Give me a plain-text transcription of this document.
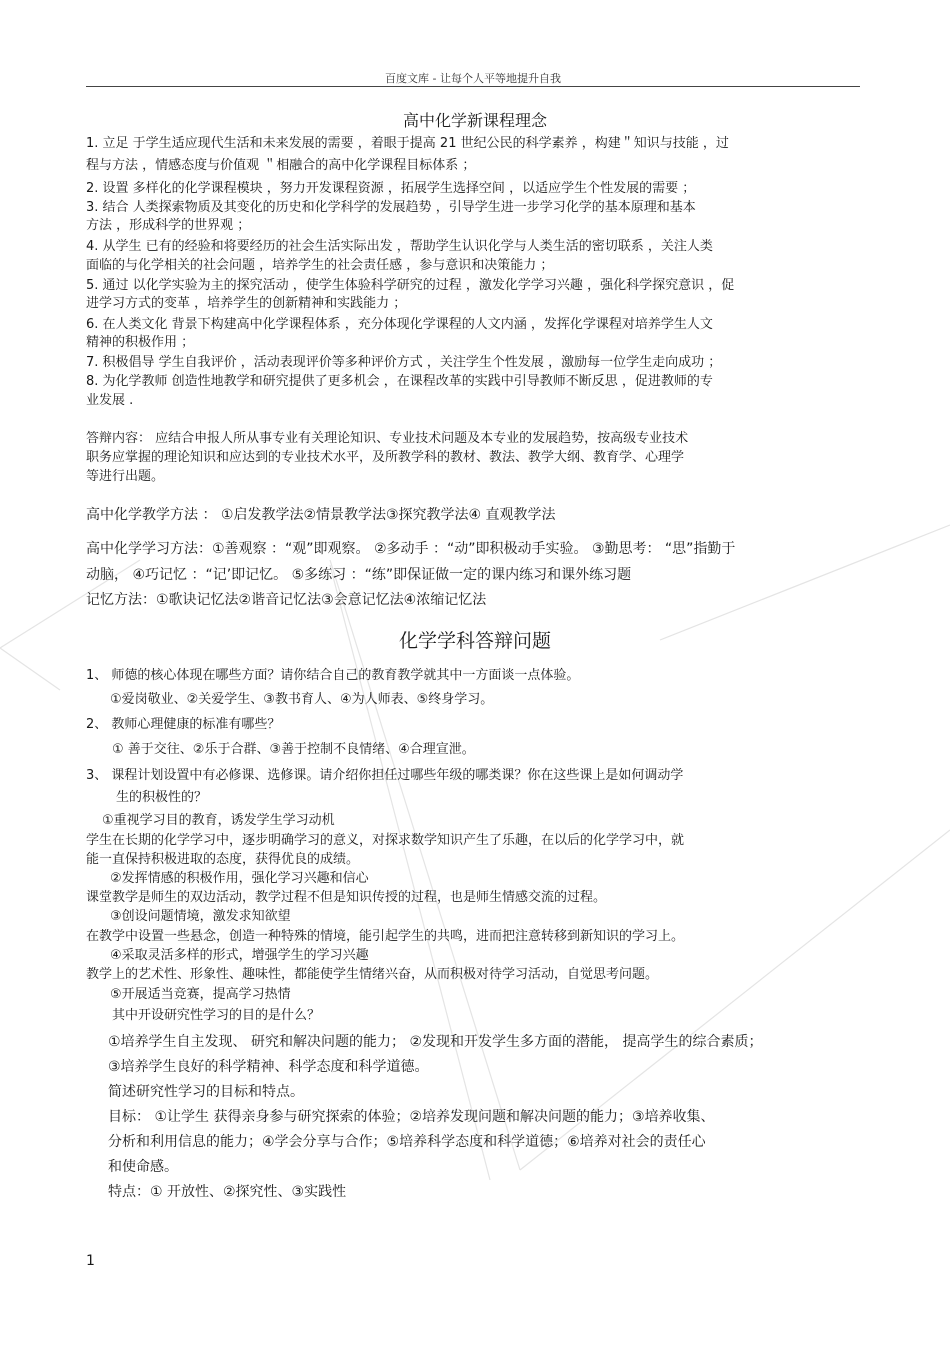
百度文库 - 让每个人平等地提升自我
高中化学新课程理念
1. 立足 于学生适应现代生活和未来发展的需要 ，着眼于提高 21 世纪公民的科学素养 ，构建＂知识与技能 ，过
程与方法 ，情感态度与价值观 ＂相融合的高中化学课程目标体系 ；
2. 设置 多样化的化学课程模块 ，努力开发课程资源 ，拓展学生选择空间 ，以适应学生个性发展的需要 ；
3. 结合 人类探索物质及其变化的历史和化学科学的发展趋势 ，引导学生进一步学习化学的基本原理和基本
方法 ，形成科学的世界观 ；
4. 从学生 已有的经验和将要经历的社会生活实际出发 ，帮助学生认识化学与人类生活的密切联系 ，关注人类
面临的与化学相关的社会问题 ，培养学生的社会责任感 ，参与意识和决策能力 ；
5. 通过 以化学实验为主的探究活动 ，使学生体验科学研究的过程 ，激发化学学习兴趣 ，强化科学探究意识 ，促
进学习方式的变革 ，培养学生的创新精神和实践能力 ；
6. 在人类文化 背景下构建高中化学课程体系 ，充分体现化学课程的人文内涵 ，发挥化学课程对培养学生人文
精神的积极作用 ；
7. 积极倡导 学生自我评价 ，活动表现评价等多种评价方式 ，关注学生个性发展 ，激励每一位学生走向成功 ；
8. 为化学教师 创造性地教学和研究提供了更多机会 ，在课程改革的实践中引导教师不断反思 ，促进教师的专
业发展 .
答辩内容： 应结合申报人所从事专业有关理论知识、专业技术问题及本专业的发展趋势，按高级专业技术
职务应掌握的理论知识和应达到的专业技术水平，及所教学科的教材、教法、教学大纲、教育学、心理学
等进行出题。
高中化学教学方法 ： ①启发教学法②情景教学法③探究教学法④ 直观教学法
高中化学学习方法：①善观察 ：“观”即观察。 ②多动手 ：“动”即积极动手实验。 ③勤思考： “思”指勤于
动脑， ④巧记忆 ：“记’即记忆。 ⑤多练习 ：“练”即保证做一定的课内练习和课外练习题
记忆方法：①歌诀记忆法②谐音记忆法③会意记忆法④浓缩记忆法
化学学科答辩问题
1、 师德的核心体现在哪些方面？请你结合自己的教育教学就其中一方面谈一点体验。
①爱岗敬业、②关爱学生、③教书育人、④为人师表、⑤终身学习。
2、 教师心理健康的标准有哪些？
① 善于交往、②乐于合群、③善于控制不良情绪、④合理宣泄。
3、 课程计划设置中有必修课、选修课。请介绍你担任过哪些年级的哪类课？你在这些课上是如何调动学
生的积极性的？
①重视学习目的教育，诱发学生学习动机
学生在长期的化学学习中，逐步明确学习的意义，对探求数学知识产生了乐趣，在以后的化学学习中，就
能一直保持积极进取的态度，获得优良的成绩。
②发挥情感的积极作用，强化学习兴趣和信心
课堂教学是师生的双边活动，教学过程不但是知识传授的过程，也是师生情感交流的过程。
③创设问题情境，激发求知欲望
在教学中设置一些悬念，创造一种特殊的情境，能引起学生的共鸣，进而把注意转移到新知识的学习上。
④采取灵活多样的形式，增强学生的学习兴趣
教学上的艺术性、形象性、趣味性，都能使学生情绪兴奋，从而积极对待学习活动，自觉思考问题。
⑤开展适当竞赛，提高学习热情
其中开设研究性学习的目的是什么？
①培养学生自主发现、 研究和解决问题的能力； ②发现和开发学生多方面的潜能， 提高学生的综合素质；
③培养学生良好的科学精神、科学态度和科学道德。
简述研究性学习的目标和特点。
目标： ①让学生 获得亲身参与研究探索的体验；②培养发现问题和解决问题的能力；③培养收集、
分析和利用信息的能力；④学会分享与合作；⑤培养科学态度和科学道德；⑥培养对社会的责任心
和使命感。
特点：① 开放性、②探究性、③实践性
1
